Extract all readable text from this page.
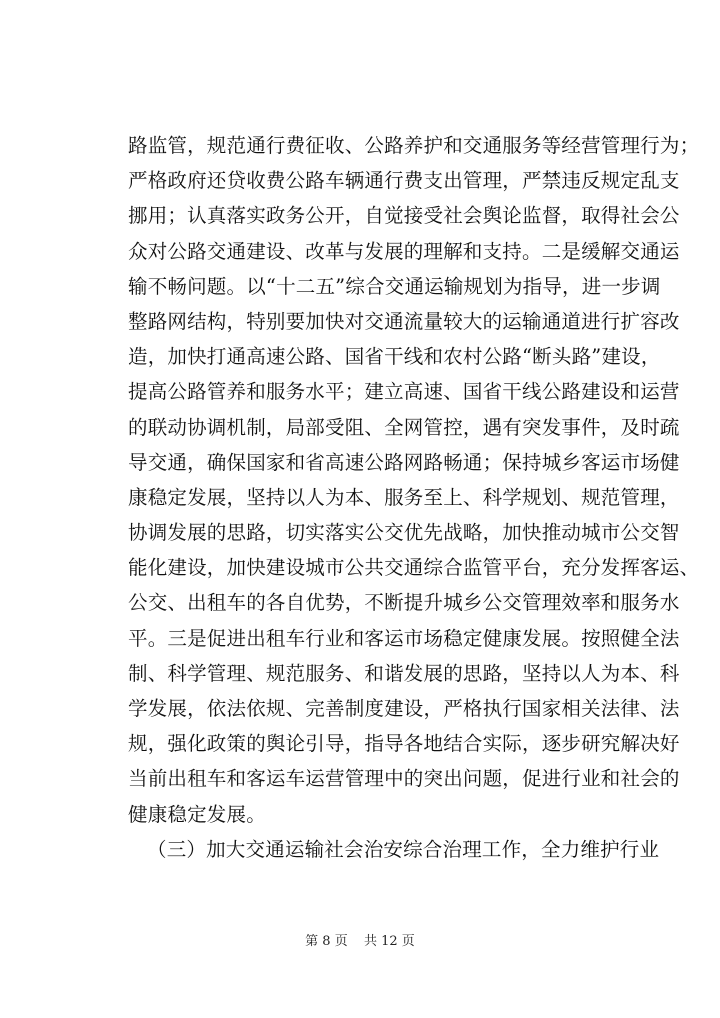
路监管，规范通行费征收、公路养护和交通服务等经营管理行为；
严格政府还贷收费公路车辆通行费支出管理，严禁违反规定乱支
挪用；认真落实政务公开，自觉接受社会舆论监督，取得社会公
众对公路交通建设、改革与发展的理解和支持。二是缓解交通运
输不畅问题。以“十二五”综合交通运输规划为指导，进一步调
整路网结构，特别要加快对交通流量较大的运输通道进行扩容改
造，加快打通高速公路、国省干线和农村公路“断头路”建设，
提高公路管养和服务水平；建立高速、国省干线公路建设和运营
的联动协调机制，局部受阻、全网管控，遇有突发事件，及时疏
导交通，确保国家和省高速公路网路畅通；保持城乡客运市场健
康稳定发展，坚持以人为本、服务至上、科学规划、规范管理，
协调发展的思路，切实落实公交优先战略，加快推动城市公交智
能化建设，加快建设城市公共交通综合监管平台，充分发挥客运、
公交、出租车的各自优势，不断提升城乡公交管理效率和服务水
平。三是促进出租车行业和客运市场稳定健康发展。按照健全法
制、科学管理、规范服务、和谐发展的思路，坚持以人为本、科
学发展，依法依规、完善制度建设，严格执行国家相关法律、法
规，强化政策的舆论引导，指导各地结合实际，逐步研究解决好
当前出租车和客运车运营管理中的突出问题，促进行业和社会的
健康稳定发展。
（三）加大交通运输社会治安综合治理工作，全力维护行业
第 8 页 共 12 页
